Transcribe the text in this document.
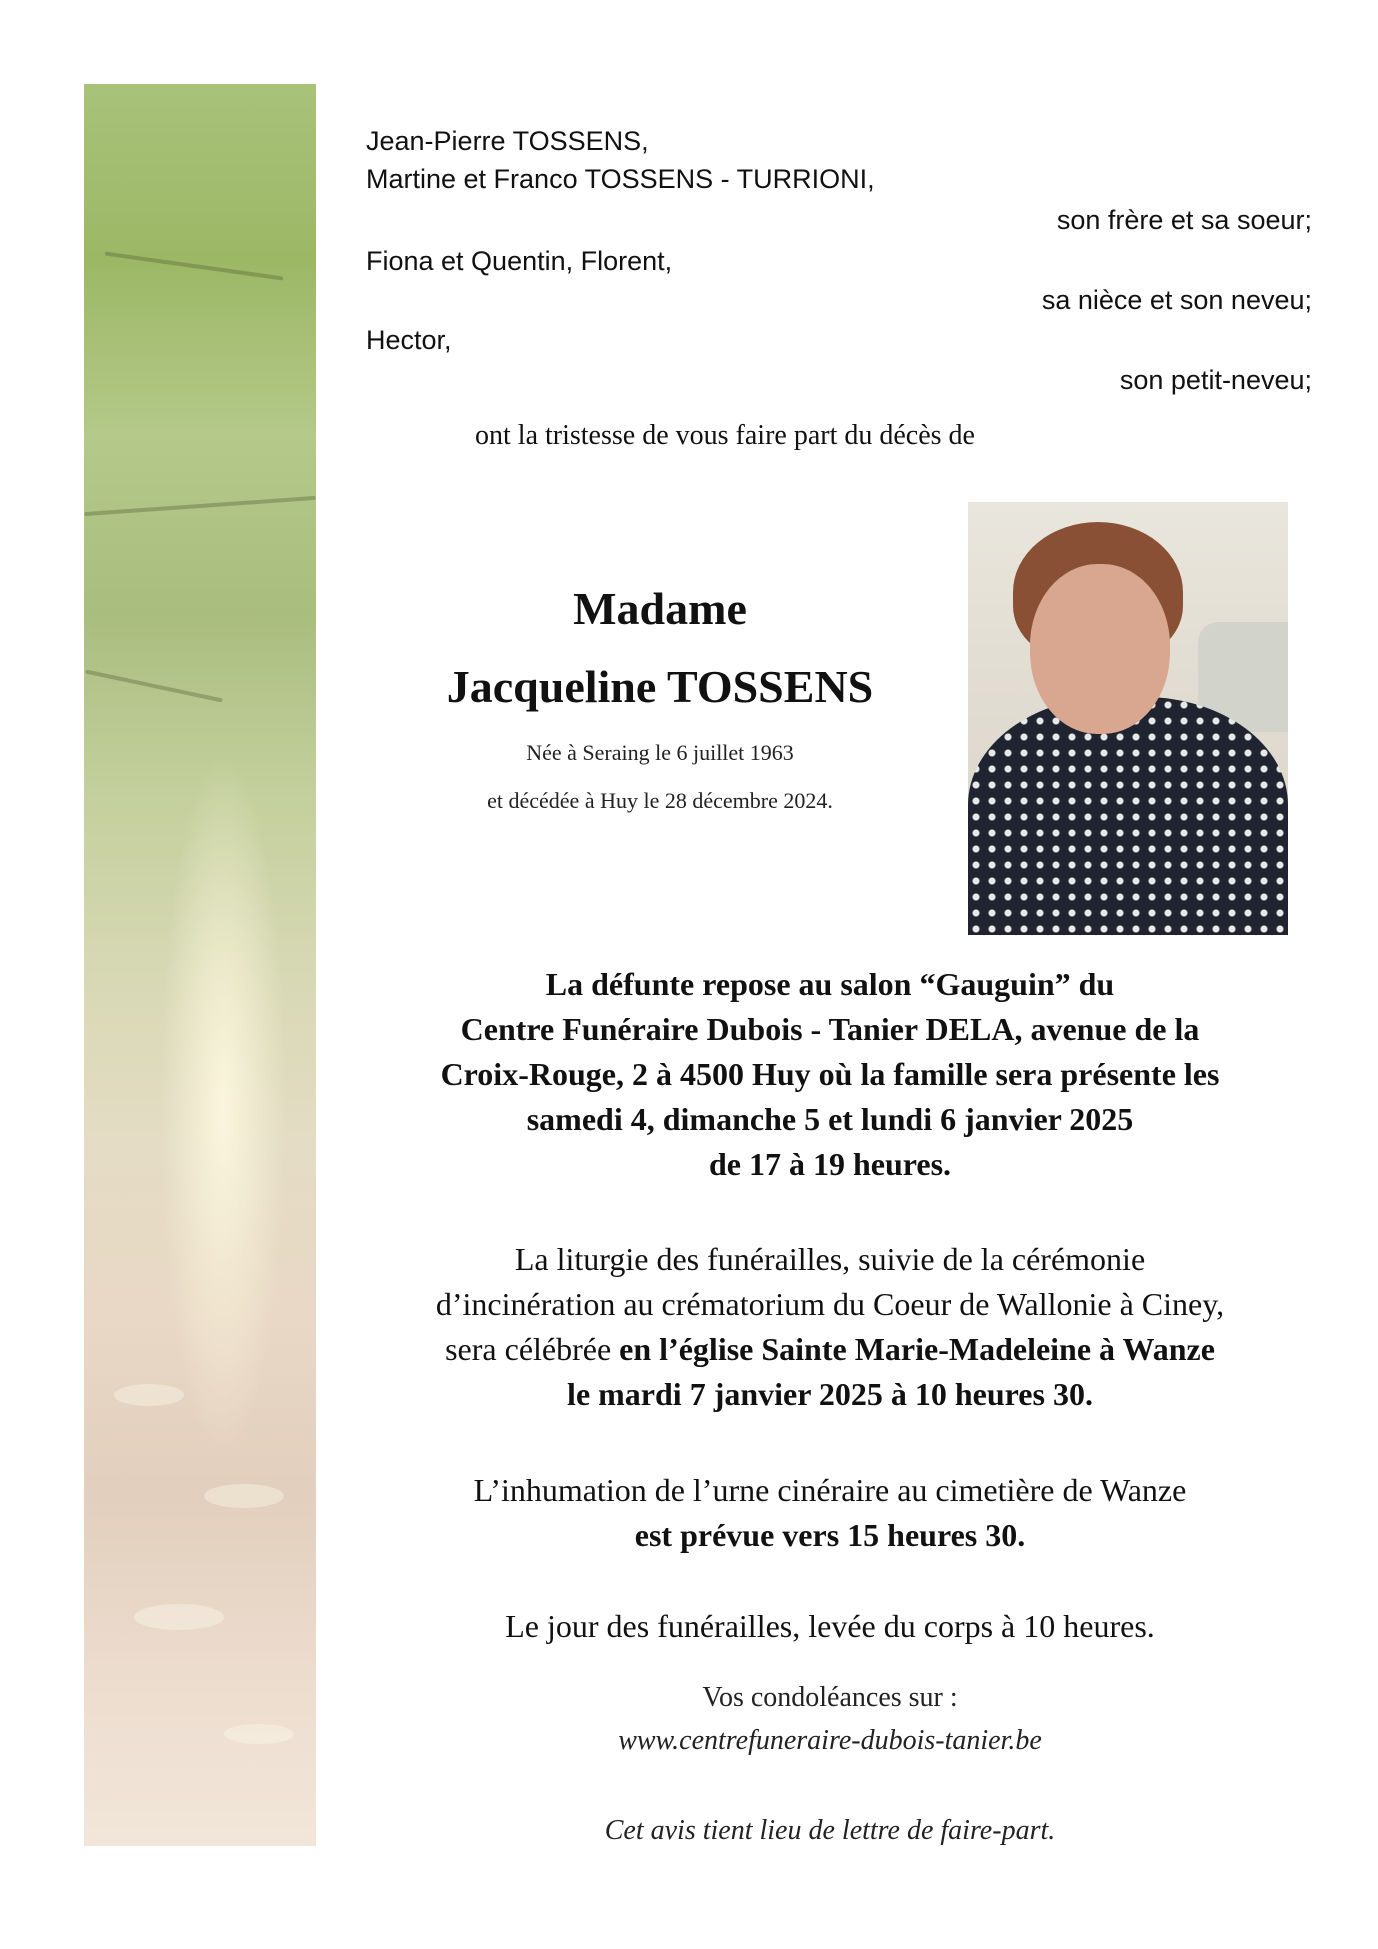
Jean-Pierre TOSSENS,
Martine et Franco TOSSENS - TURRIONI,
son frère et sa soeur;
Fiona et Quentin, Florent,
sa nièce et son neveu;
Hector,
son petit-neveu;
ont la tristesse de vous faire part du décès de
Madame
Jacqueline TOSSENS
Née à Seraing le 6 juillet 1963
et décédée à Huy le 28 décembre 2024.
La défunte repose au salon “Gauguin” du
Centre Funéraire Dubois - Tanier DELA, avenue de la
Croix-Rouge, 2 à 4500 Huy où la famille sera présente les
samedi 4, dimanche 5 et lundi 6 janvier 2025
de 17 à 19 heures.
La liturgie des funérailles, suivie de la cérémonie
d’incinération au crématorium du Coeur de Wallonie à Ciney,
sera célébrée en l’église Sainte Marie-Madeleine à Wanze
le mardi 7 janvier 2025 à 10 heures 30.
L’inhumation de l’urne cinéraire au cimetière de Wanze
est prévue vers 15 heures 30.
Le jour des funérailles, levée du corps à 10 heures.
Vos condoléances sur :
www.centrefuneraire-dubois-tanier.be
Cet avis tient lieu de lettre de faire-part.
